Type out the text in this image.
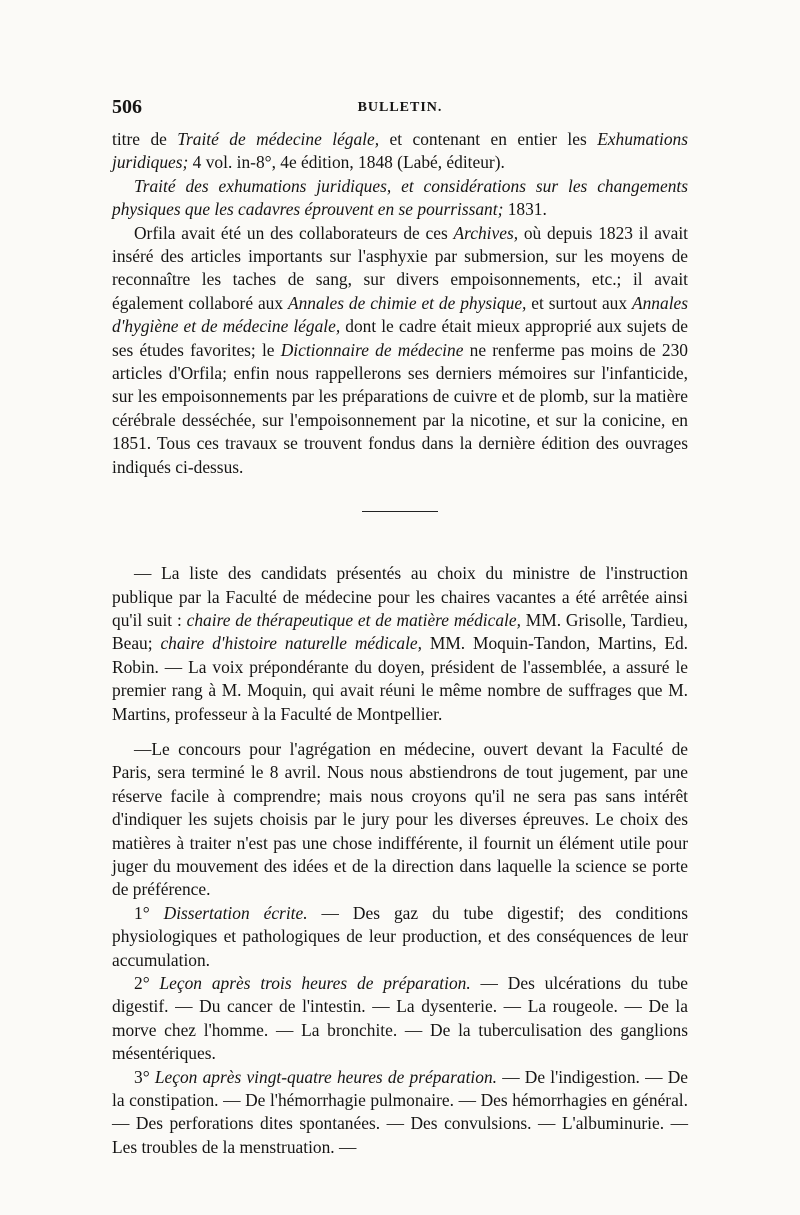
506	BULLETIN.

titre de Traité de médecine légale, et contenant en entier les Exhumations juridiques; 4 vol. in-8°, 4e édition, 1848 (Labé, éditeur).

Traité des exhumations juridiques, et considérations sur les changements physiques que les cadavres éprouvent en se pourrissant; 1831.

Orfila avait été un des collaborateurs de ces Archives, où depuis 1823 il avait inséré des articles importants sur l'asphyxie par submersion, sur les moyens de reconnaître les taches de sang, sur divers empoisonnements, etc.; il avait également collaboré aux Annales de chimie et de physique, et surtout aux Annales d'hygiène et de médecine légale, dont le cadre était mieux approprié aux sujets de ses études favorites; le Dictionnaire de médecine ne renferme pas moins de 230 articles d'Orfila; enfin nous rappellerons ses derniers mémoires sur l'infanticide, sur les empoisonnements par les préparations de cuivre et de plomb, sur la matière cérébrale desséchée, sur l'empoisonnement par la nicotine, et sur la conicine, en 1851. Tous ces travaux se trouvent fondus dans la dernière édition des ouvrages indiqués ci-dessus.

— La liste des candidats présentés au choix du ministre de l'instruction publique par la Faculté de médecine pour les chaires vacantes a été arrêtée ainsi qu'il suit : chaire de thérapeutique et de matière médicale, MM. Grisolle, Tardieu, Beau; chaire d'histoire naturelle médicale, MM. Moquin-Tandon, Martins, Ed. Robin. — La voix prépondérante du doyen, président de l'assemblée, a assuré le premier rang à M. Moquin, qui avait réuni le même nombre de suffrages que M. Martins, professeur à la Faculté de Montpellier.

—Le concours pour l'agrégation en médecine, ouvert devant la Faculté de Paris, sera terminé le 8 avril. Nous nous abstiendrons de tout jugement, par une réserve facile à comprendre; mais nous croyons qu'il ne sera pas sans intérêt d'indiquer les sujets choisis par le jury pour les diverses épreuves. Le choix des matières à traiter n'est pas une chose indifférente, il fournit un élément utile pour juger du mouvement des idées et de la direction dans laquelle la science se porte de préférence.

1° Dissertation écrite. — Des gaz du tube digestif; des conditions physiologiques et pathologiques de leur production, et des conséquences de leur accumulation.

2° Leçon après trois heures de préparation. — Des ulcérations du tube digestif. — Du cancer de l'intestin. — La dysenterie. — La rougeole. — De la morve chez l'homme. — La bronchite. — De la tuberculisation des ganglions mésentériques.

3° Leçon après vingt-quatre heures de préparation. — De l'indigestion. — De la constipation. — De l'hémorrhagie pulmonaire. — Des hémorrhagies en général. — Des perforations dites spontanées. — Des convulsions. — L'albuminurie. — Les troubles de la menstruation. —
